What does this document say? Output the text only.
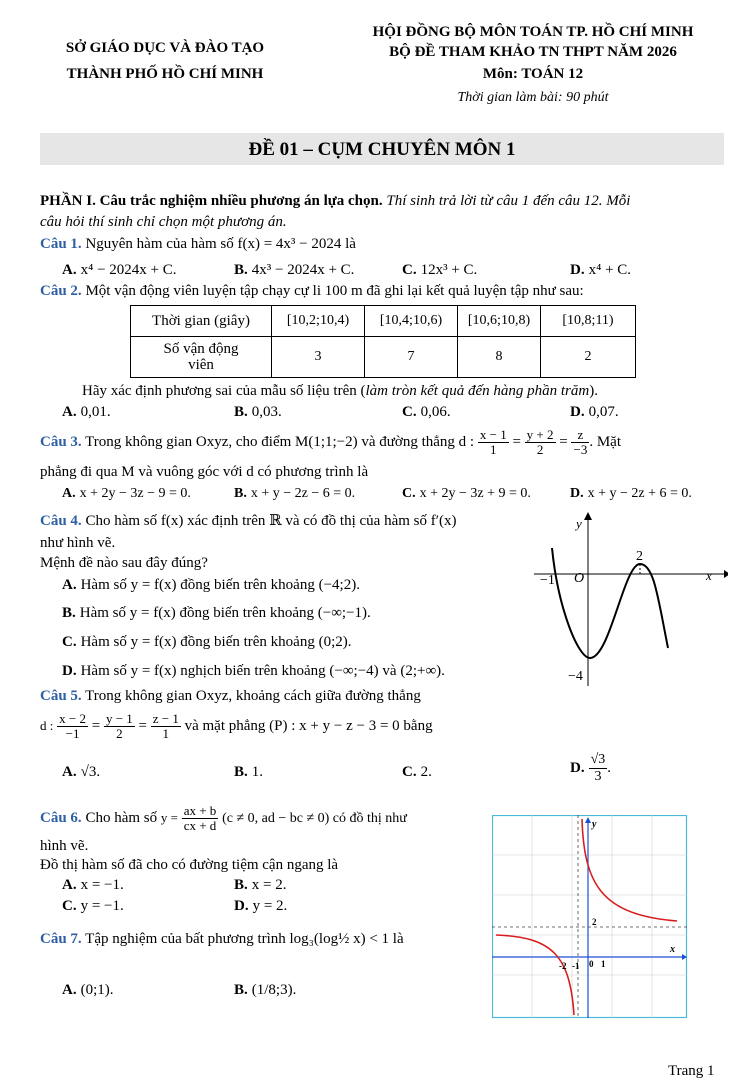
SỞ GIÁO DỤC VÀ ĐÀO TẠO
THÀNH PHỐ HỒ CHÍ MINH
HỘI ĐỒNG BỘ MÔN TOÁN TP. HỒ CHÍ MINH
BỘ ĐỀ THAM KHẢO TN THPT NĂM 2026
Môn: TOÁN 12
Thời gian làm bài: 90 phút
ĐỀ 01 – CỤM CHUYÊN MÔN 1
PHẦN I. Câu trắc nghiệm nhiều phương án lựa chọn. Thí sinh trả lời từ câu 1 đến câu 12. Mỗi
câu hỏi thí sinh chỉ chọn một phương án.
Câu 1. Nguyên hàm của hàm số f(x) = 4x³ − 2024 là
A. x⁴ − 2024x + C.	B. 4x³ − 2024x + C.	C. 12x³ + C.	D. x⁴ + C.
Câu 2. Một vận động viên luyện tập chạy cự li 100 m đã ghi lại kết quả luyện tập như sau:
Thời gian (giây)	[10,2;10,4)	[10,4;10,6)	[10,6;10,8)	[10,8;11)
Số vận động
viên	3	7	8	2
Hãy xác định phương sai của mẫu số liệu trên (làm tròn kết quả đến hàng phần trăm).
A. 0,01.	B. 0,03.	C. 0,06.	D. 0,07.
Câu 3. Trong không gian Oxyz, cho điểm M(1;1;−2) và đường thẳng d : $\frac{x - 1}{1} = \frac{y + 2}{2} = \frac{z}{-3}$ . Mặt
phẳng đi qua M và vuông góc với d có phương trình là
A. x + 2y − 3z − 9 = 0.	B. x + y − 2z − 6 = 0.	C. x + 2y − 3z + 9 = 0.	D. x + y − 2z + 6 = 0.
Câu 4. Cho hàm số f(x) xác định trên ℝ và có đồ thị của hàm số f′(x)
như hình vẽ.
Mệnh đề nào sau đây đúng?
A. Hàm số y = f(x) đồng biến trên khoảng (−4;2).
B. Hàm số y = f(x) đồng biến trên khoảng (−∞;−1).
C. Hàm số y = f(x) đồng biến trên khoảng (0;2).
D. Hàm số y = f(x) nghịch biến trên khoảng (−∞;−4) và (2;+∞).
y
x
O
−1
2
−4
Câu 5. Trong không gian Oxyz, khoảng cách giữa đường thẳng
d : $\frac{x - 2}{-1} = \frac{y - 1}{2} = \frac{z - 1}{1}$ và mặt phẳng (P) : x + y − z − 3 = 0 bằng
A. √3.	B. 1.	C. 2.	D. $\frac{√3}{3}$ .
Câu 6. Cho hàm số $y = \frac{ax + b}{cx + d} (c \ne 0$, ad − bc ≠ 0) có đồ thị như
hình vẽ.
Đồ thị hàm số đã cho có đường tiệm cận ngang là
A. x = −1.	B. x = 2.
C. y = −1.	D. y = 2.
y
x
2
-2 -1 0 1
Câu 7. Tập nghiệm của bất phương trình log₃(log½ x) < 1 là
A. (0;1).	B. (1/8;3).
Trang 1
